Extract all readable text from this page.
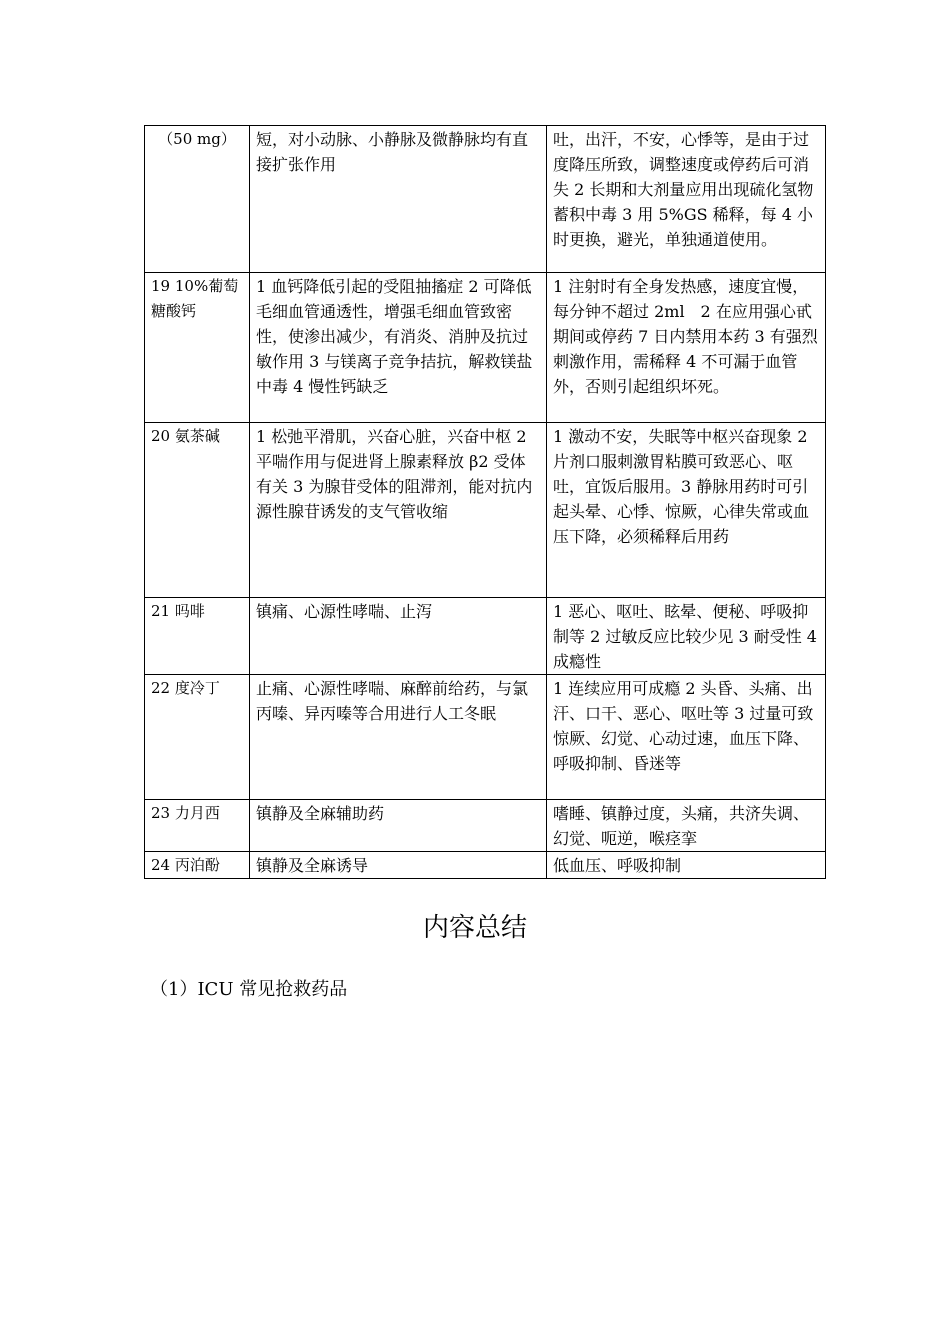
（50 mg）	短，对小动脉、小静脉及微静脉均有直接扩张作用	吐，出汗，不安，心悸等，是由于过度降压所致，调整速度或停药后可消失 2 长期和大剂量应用出现硫化氢物蓄积中毒 3 用 5%GS 稀释，每 4 小时更换，避光，单独通道使用。
19 10%葡萄糖酸钙	1 血钙降低引起的受阻抽搐症 2 可降低毛细血管通透性，增强毛细血管致密性，使渗出减少，有消炎、消肿及抗过敏作用 3 与镁离子竞争拮抗，解救镁盐中毒 4 慢性钙缺乏	1 注射时有全身发热感，速度宜慢，每分钟不超过 2ml　2 在应用强心甙期间或停药 7 日内禁用本药 3 有强烈刺激作用，需稀释 4 不可漏于血管外，否则引起组织坏死。
20 氨茶碱	1 松弛平滑肌，兴奋心脏，兴奋中枢 2 平喘作用与促进肾上腺素释放 β2 受体有关 3 为腺苷受体的阻滞剂，能对抗内源性腺苷诱发的支气管收缩	1 激动不安，失眠等中枢兴奋现象 2 片剂口服刺激胃粘膜可致恶心、呕吐，宜饭后服用。3 静脉用药时可引起头晕、心悸、惊厥，心律失常或血压下降，必须稀释后用药
21 吗啡	镇痛、心源性哮喘、止泻	1 恶心、呕吐、眩晕、便秘、呼吸抑制等 2 过敏反应比较少见 3 耐受性 4 成瘾性
22 度冷丁	止痛、心源性哮喘、麻醉前给药，与氯丙嗪、异丙嗪等合用进行人工冬眠	1 连续应用可成瘾 2 头昏、头痛、出汗、口干、恶心、呕吐等 3 过量可致惊厥、幻觉、心动过速，血压下降、呼吸抑制、昏迷等
23 力月西	镇静及全麻辅助药	嗜睡、镇静过度，头痛，共济失调、幻觉、呃逆，喉痉挛
24 丙泊酚	镇静及全麻诱导	低血压、呼吸抑制
内容总结

（1）ICU 常见抢救药品
